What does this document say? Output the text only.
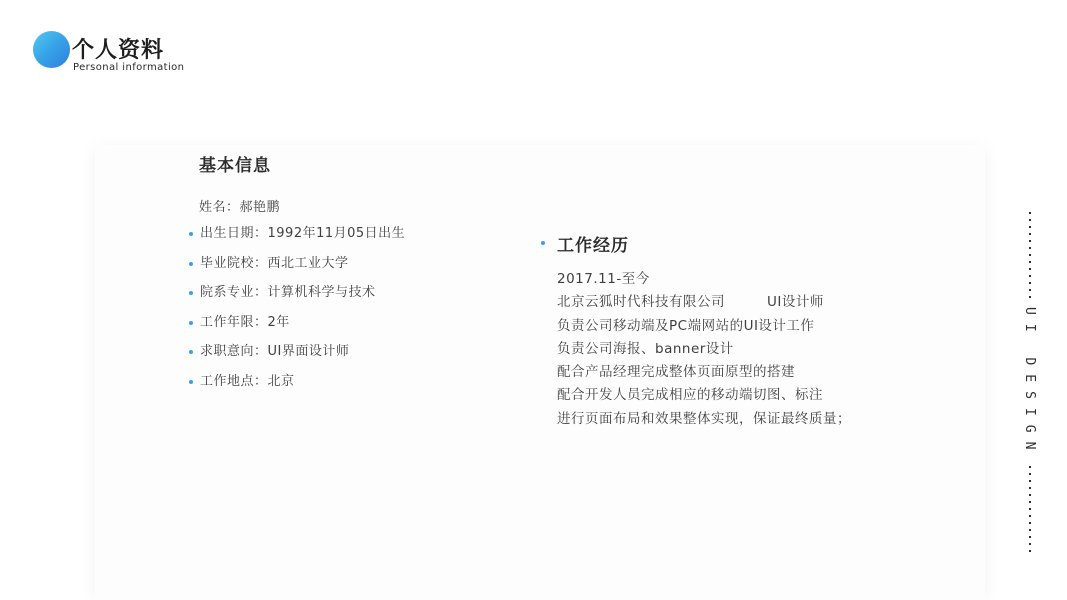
个人资料
Personal information
基本信息
姓名：郝艳鹏
出生日期：1992年11月05日出生
毕业院校：西北工业大学
院系专业：计算机科学与技术
工作年限：2年
求职意向：UI界面设计师
工作地点：北京
工作经历
2017.11-至今
北京云狐时代科技有限公司	UI设计师
负责公司移动端及PC端网站的UI设计工作
负责公司海报、banner设计
配合产品经理完成整体页面原型的搭建
配合开发人员完成相应的移动端切图、标注
进行页面布局和效果整体实现，保证最终质量；	UI DESIGN
